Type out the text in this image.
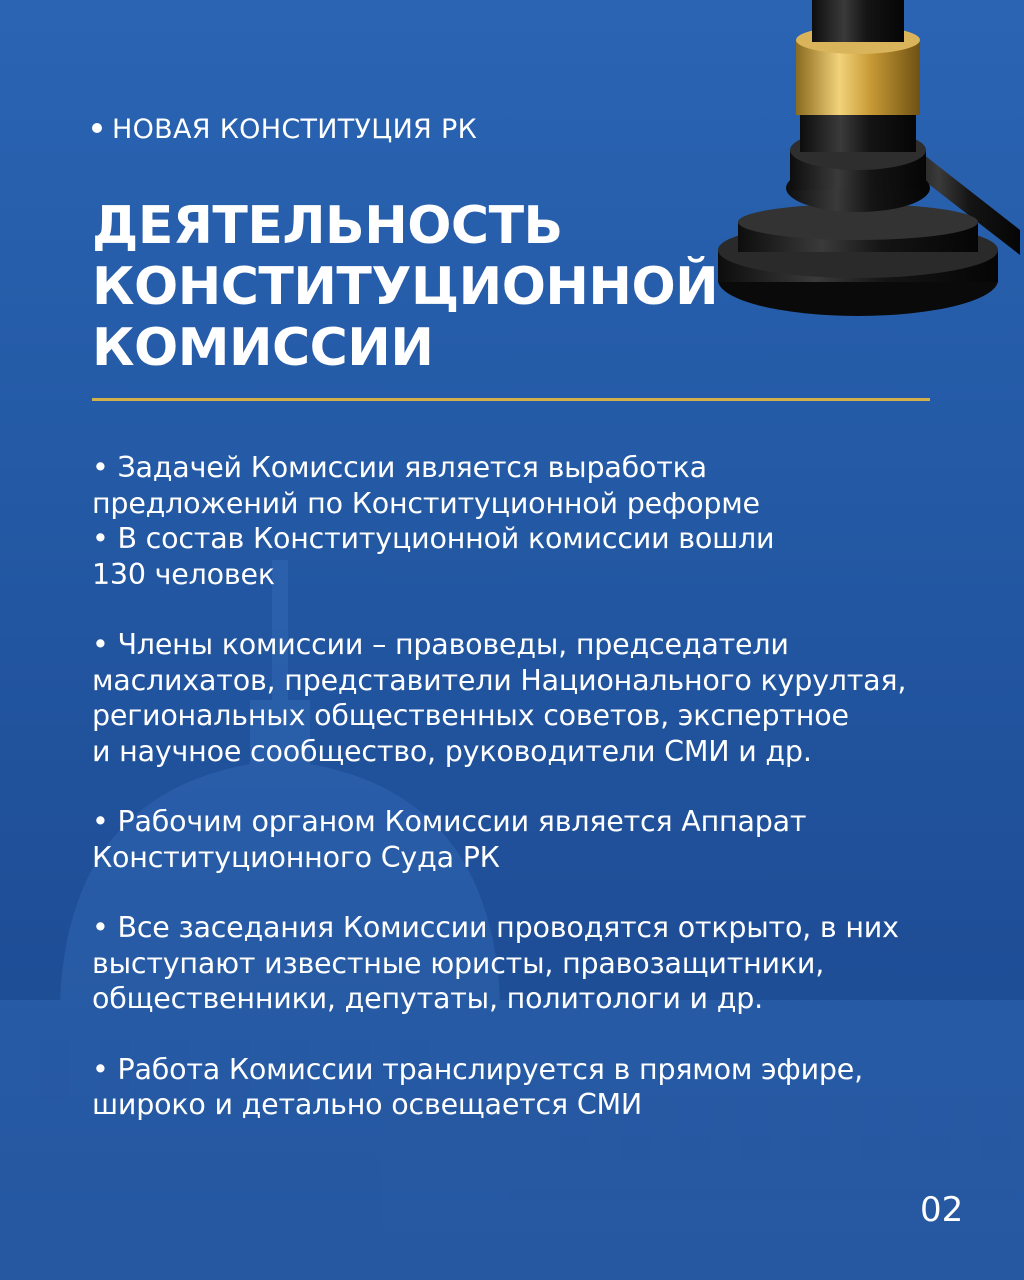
НОВАЯ КОНСТИТУЦИЯ РК
ДЕЯТЕЛЬНОСТЬ
КОНСТИТУЦИОННОЙ
КОМИССИИ
• Задачей Комиссии является выработка
предложений по Конституционной реформе
• В состав Конституционной комиссии вошли
130 человек
• Члены комиссии – правоведы, председатели
маслихатов, представители Национального курултая,
региональных общественных советов, экспертное
и научное сообщество, руководители СМИ и др.
• Рабочим органом Комиссии является Аппарат
Конституционного Суда РК
• Все заседания Комиссии проводятся открыто, в них
выступают известные юристы, правозащитники,
общественники, депутаты, политологи и др.
• Работа Комиссии транслируется в прямом эфире,
широко и детально освещается СМИ
02
